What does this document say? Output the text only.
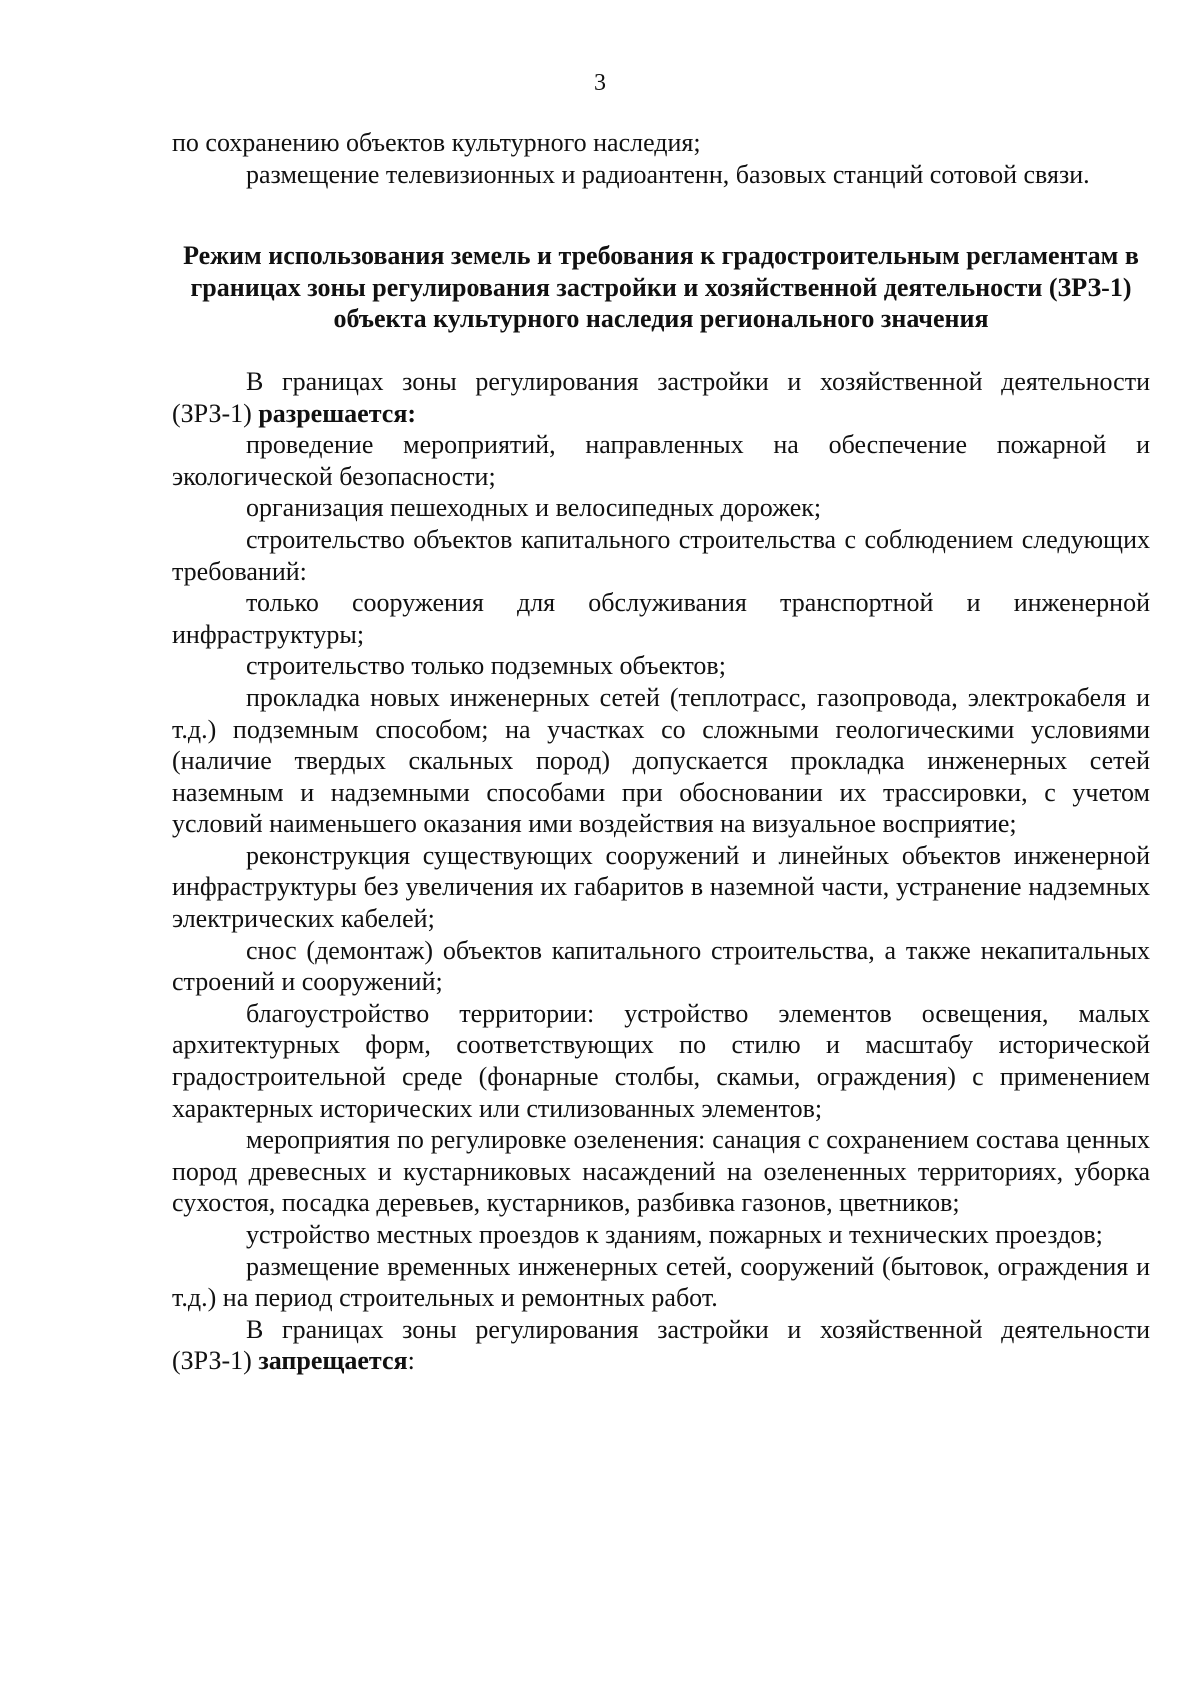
3

по сохранению объектов культурного наследия;

размещение телевизионных и радиоантенн, базовых станций сотовой связи.

Режим использования земель и требования к градостроительным регламентам в границах зоны регулирования застройки и хозяйственной деятельности (ЗРЗ-1) объекта культурного наследия регионального значения

В границах зоны регулирования застройки и хозяйственной деятельности (ЗРЗ-1) разрешается:

проведение мероприятий, направленных на обеспечение пожарной и экологической безопасности;

организация пешеходных и велосипедных дорожек;

строительство объектов капитального строительства с соблюдением следующих требований:

только сооружения для обслуживания транспортной и инженерной инфраструктуры;

строительство только подземных объектов;

прокладка новых инженерных сетей (теплотрасс, газопровода, электрокабеля и т.д.) подземным способом; на участках со сложными геологическими условиями (наличие твердых скальных пород) допускается прокладка инженерных сетей наземным и надземными способами при обосновании их трассировки, с учетом условий наименьшего оказания ими воздействия на визуальное восприятие;

реконструкция существующих сооружений и линейных объектов инженерной инфраструктуры без увеличения их габаритов в наземной части, устранение надземных электрических кабелей;

снос (демонтаж) объектов капитального строительства, а также некапитальных строений и сооружений;

благоустройство территории: устройство элементов освещения, малых архитектурных форм, соответствующих по стилю и масштабу исторической градостроительной среде (фонарные столбы, скамьи, ограждения) с применением характерных исторических или стилизованных элементов;

мероприятия по регулировке озеленения: санация с сохранением состава ценных пород древесных и кустарниковых насаждений на озелененных территориях, уборка сухостоя, посадка деревьев, кустарников, разбивка газонов, цветников;

устройство местных проездов к зданиям, пожарных и технических проездов;

размещение временных инженерных сетей, сооружений (бытовок, ограждения и т.д.) на период строительных и ремонтных работ.

В границах зоны регулирования застройки и хозяйственной деятельности (ЗРЗ-1) запрещается:
